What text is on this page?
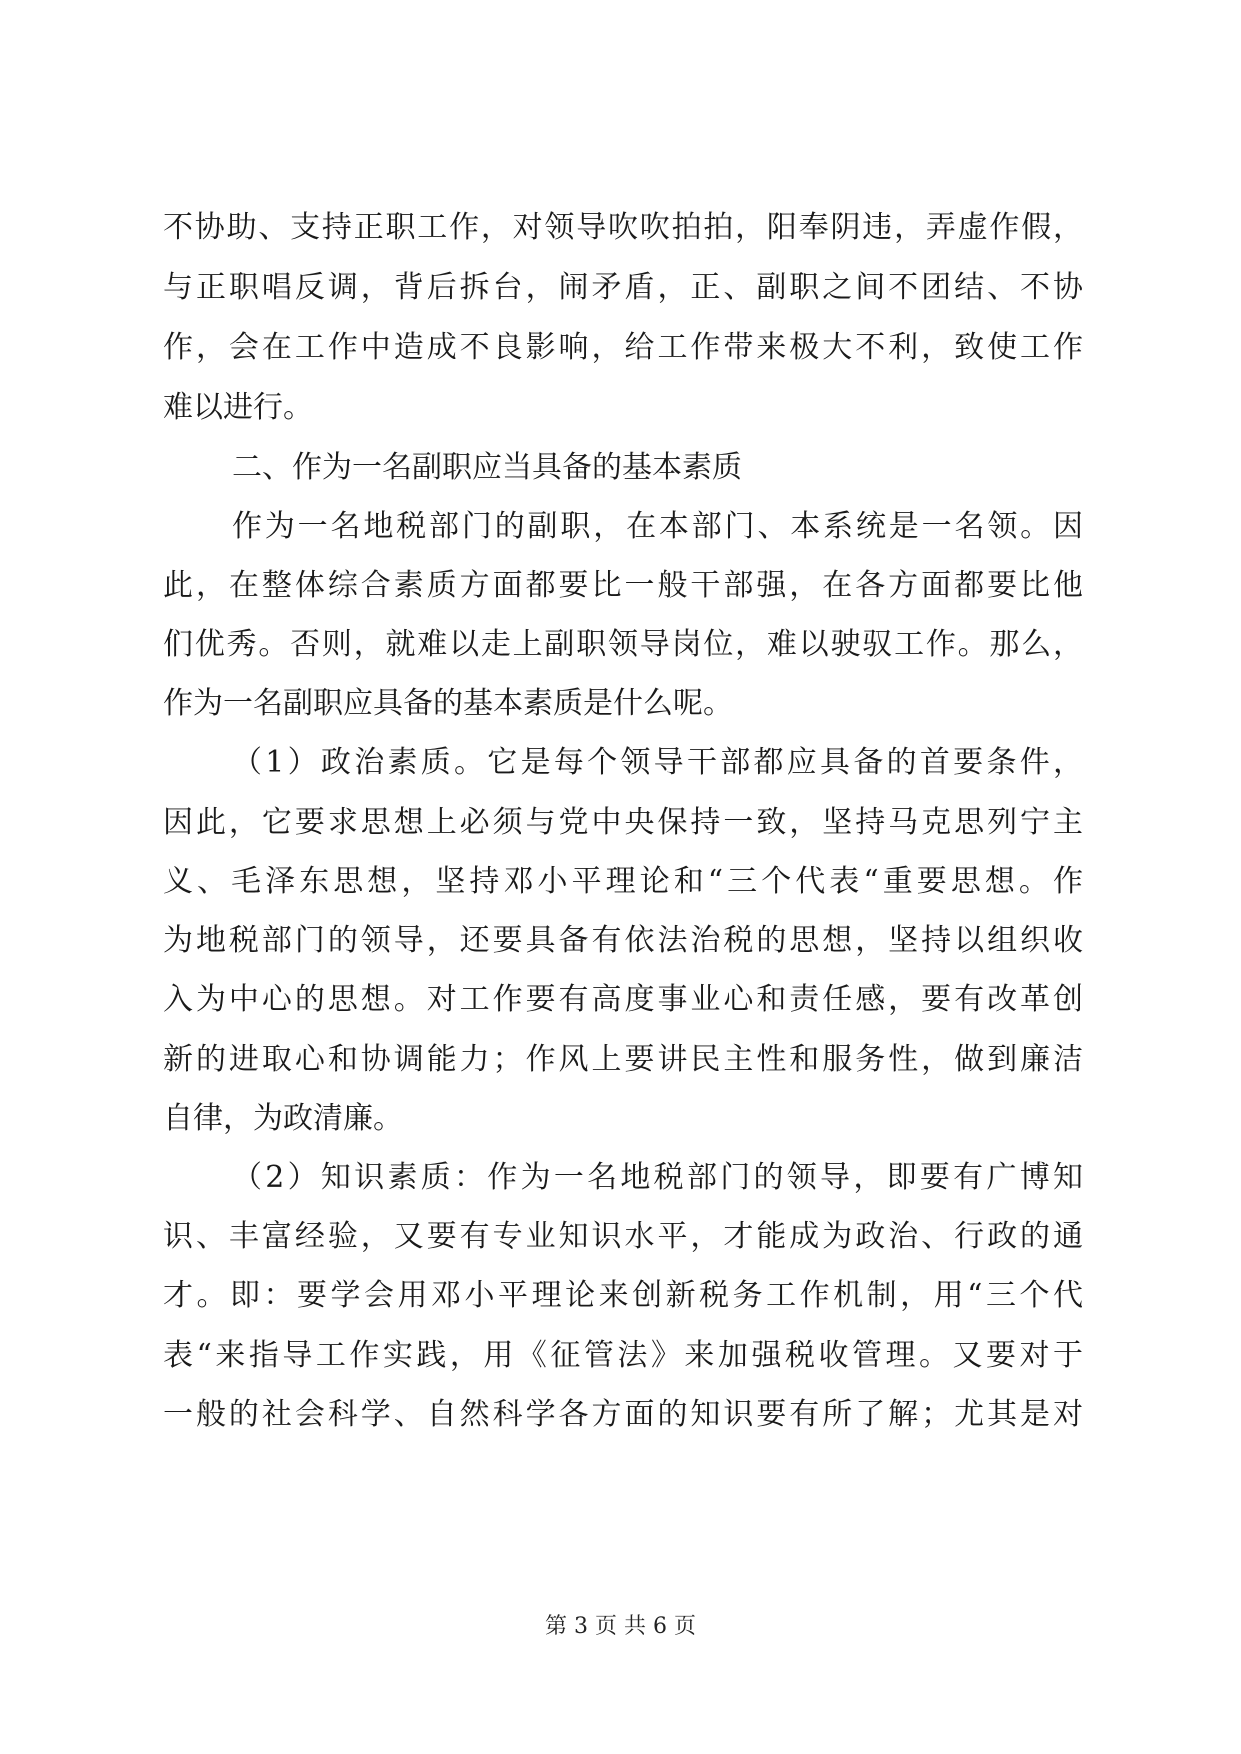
不协助、支持正职工作，对领导吹吹拍拍，阳奉阴违，弄虚作假，
与正职唱反调，背后拆台，闹矛盾，正、副职之间不团结、不协
作，会在工作中造成不良影响，给工作带来极大不利，致使工作
难以进行。
二、作为一名副职应当具备的基本素质
作为一名地税部门的副职，在本部门、本系统是一名领。因
此，在整体综合素质方面都要比一般干部强，在各方面都要比他
们优秀。否则，就难以走上副职领导岗位，难以驶驭工作。那么，
作为一名副职应具备的基本素质是什么呢。
（1）政治素质。它是每个领导干部都应具备的首要条件，
因此，它要求思想上必须与党中央保持一致，坚持马克思列宁主
义、毛泽东思想，坚持邓小平理论和“三个代表“重要思想。作
为地税部门的领导，还要具备有依法治税的思想，坚持以组织收
入为中心的思想。对工作要有高度事业心和责任感，要有改革创
新的进取心和协调能力；作风上要讲民主性和服务性，做到廉洁
自律，为政清廉。
（2）知识素质：作为一名地税部门的领导，即要有广博知
识、丰富经验，又要有专业知识水平，才能成为政治、行政的通
才。即：要学会用邓小平理论来创新税务工作机制，用“三个代
表“来指导工作实践，用《征管法》来加强税收管理。又要对于
一般的社会科学、自然科学各方面的知识要有所了解；尤其是对
第 3 页 共 6 页
